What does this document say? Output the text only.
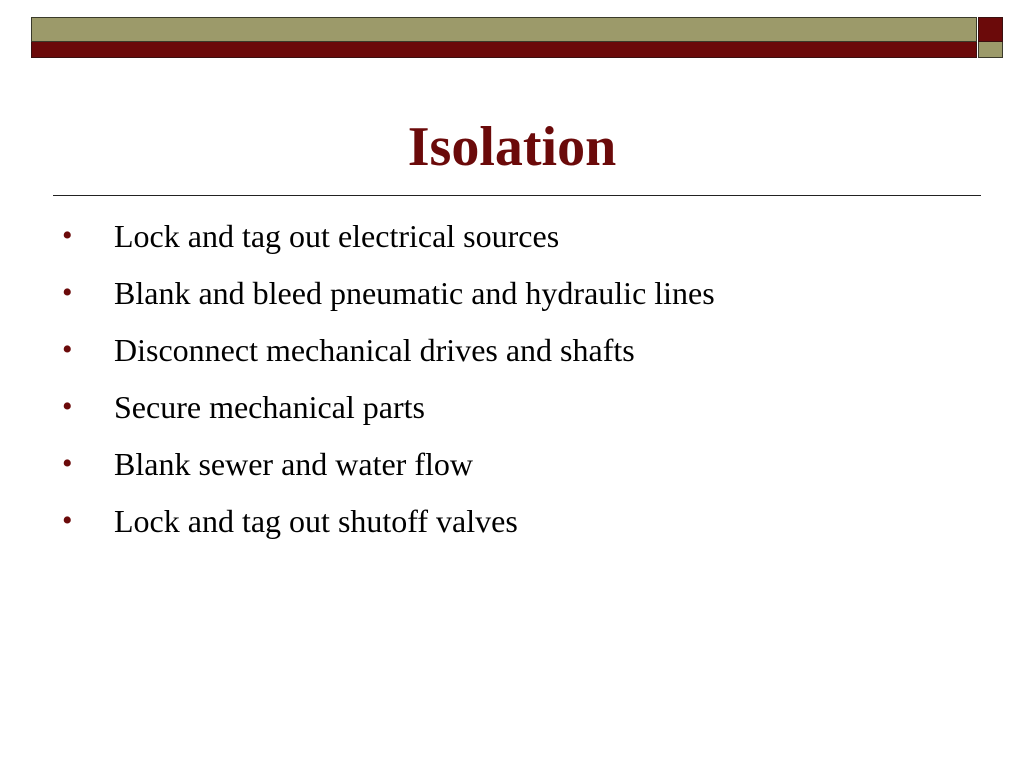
Isolation
•	Lock and tag out electrical sources
•	Blank and bleed pneumatic and hydraulic lines
•	Disconnect mechanical drives and shafts
•	Secure mechanical parts
•	Blank sewer and water flow
•	Lock and tag out shutoff valves
